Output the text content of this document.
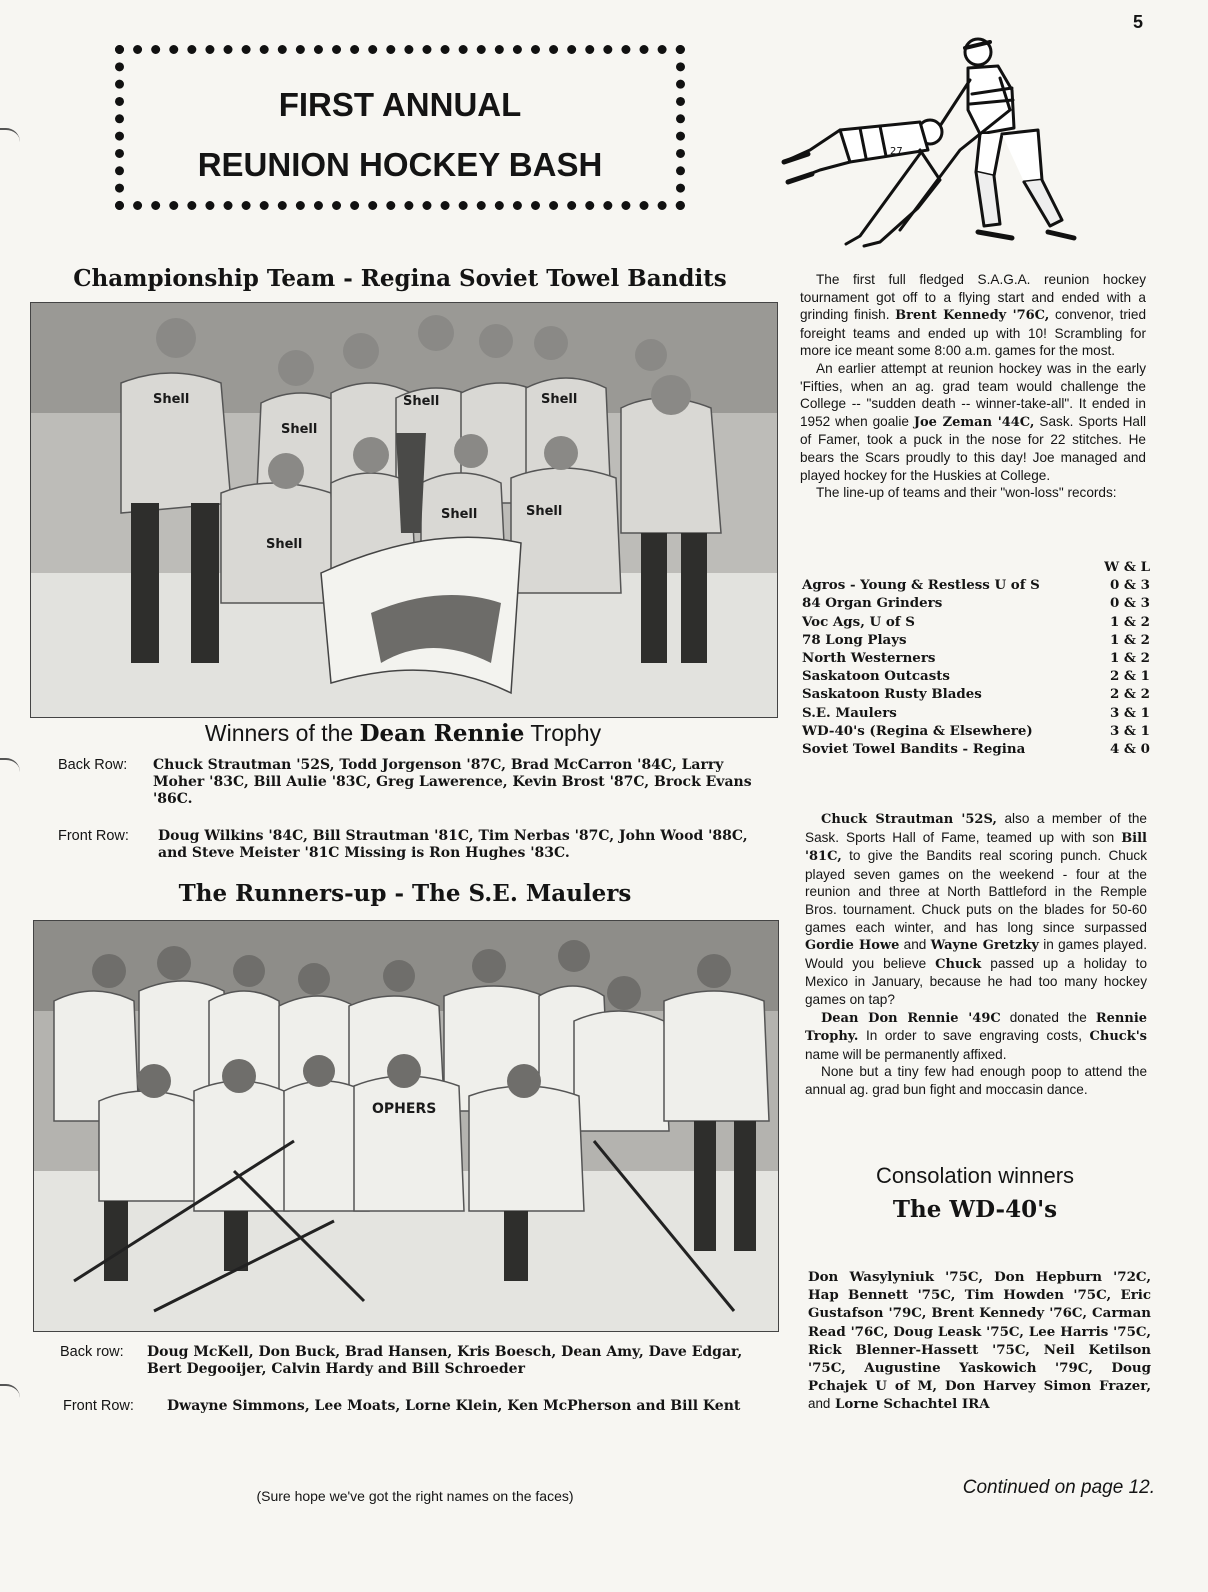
5
FIRST ANNUAL
REUNION HOCKEY BASH	27
Championship Team - Regina Soviet Towel Bandits
Shell
Shell
Shell	Shell
Shell
Shell	Shell
Winners of the Dean Rennie Trophy
Back Row: Chuck Strautman '52S, Todd Jorgenson '87C, Brad McCarron '84C, Larry Moher '83C, Bill Aulie '83C, Greg Lawerence, Kevin Brost '87C, Brock Evans '86C.
Front Row: Doug Wilkins '84C, Bill Strautman '81C, Tim Nerbas '87C, John Wood '88C, and Steve Meister '81C Missing is Ron Hughes '83C.
The Runners-up - The S.E. Maulers
OPHERS
Back row: Doug McKell, Don Buck, Brad Hansen, Kris Boesch, Dean Amy, Dave Edgar, Bert Degooijer, Calvin Hardy and Bill Schroeder
Front Row: Dwayne Simmons, Lee Moats, Lorne Klein, Ken McPherson and Bill Kent
(Sure hope we've got the right names on the faces)

The first full fledged S.A.G.A. reunion hockey tournament got off to a flying start and ended with a grinding finish. Brent Kennedy '76C, convenor, tried foreight teams and ended up with 10! Scrambling for more ice meant some 8:00 a.m. games for the most.

An earlier attempt at reunion hockey was in the early 'Fifties, when an ag. grad team would challenge the College -- "sudden death -- winner-take-all". It ended in 1952 when goalie Joe Zeman '44C, Sask. Sports Hall of Famer, took a puck in the nose for 22 stitches. He bears the Scars proudly to this day! Joe managed and played hockey for the Huskies at College.

The line-up of teams and their "won-loss" records:

	W & L
Agros - Young & Restless U of S	0 & 3
84 Organ Grinders	0 & 3
Voc Ags, U of S	1 & 2
78 Long Plays	1 & 2
North Westerners	1 & 2
Saskatoon Outcasts	2 & 1
Saskatoon Rusty Blades	2 & 2
S.E. Maulers	3 & 1
WD-40's (Regina & Elsewhere)	3 & 1
Soviet Towel Bandits - Regina	4 & 0

Chuck Strautman '52S, also a member of the Sask. Sports Hall of Fame, teamed up with son Bill '81C, to give the Bandits real scoring punch. Chuck played seven games on the weekend - four at the reunion and three at North Battleford in the Remple Bros. tournament. Chuck puts on the blades for 50-60 games each winter, and has long since surpassed Gordie Howe and Wayne Gretzky in games played. Would you believe Chuck passed up a holiday to Mexico in January, because he had too many hockey games on tap?

Dean Don Rennie '49C donated the Rennie Trophy. In order to save engraving costs, Chuck's name will be permanently affixed.

None but a tiny few had enough poop to attend the annual ag. grad bun fight and moccasin dance.

Consolation winners
The WD-40's
Don Wasylyniuk '75C, Don Hepburn '72C, Hap Bennett '75C, Tim Howden '75C, Eric Gustafson '79C, Brent Kennedy '76C, Carman Read '76C, Doug Leask '75C, Lee Harris '75C, Rick Blenner-Hassett '75C, Neil Ketilson '75C, Augustine Yaskowich '79C, Doug Pchajek U of M, Don Harvey Simon Frazer, and Lorne Schachtel IRA
Continued on page 12.
